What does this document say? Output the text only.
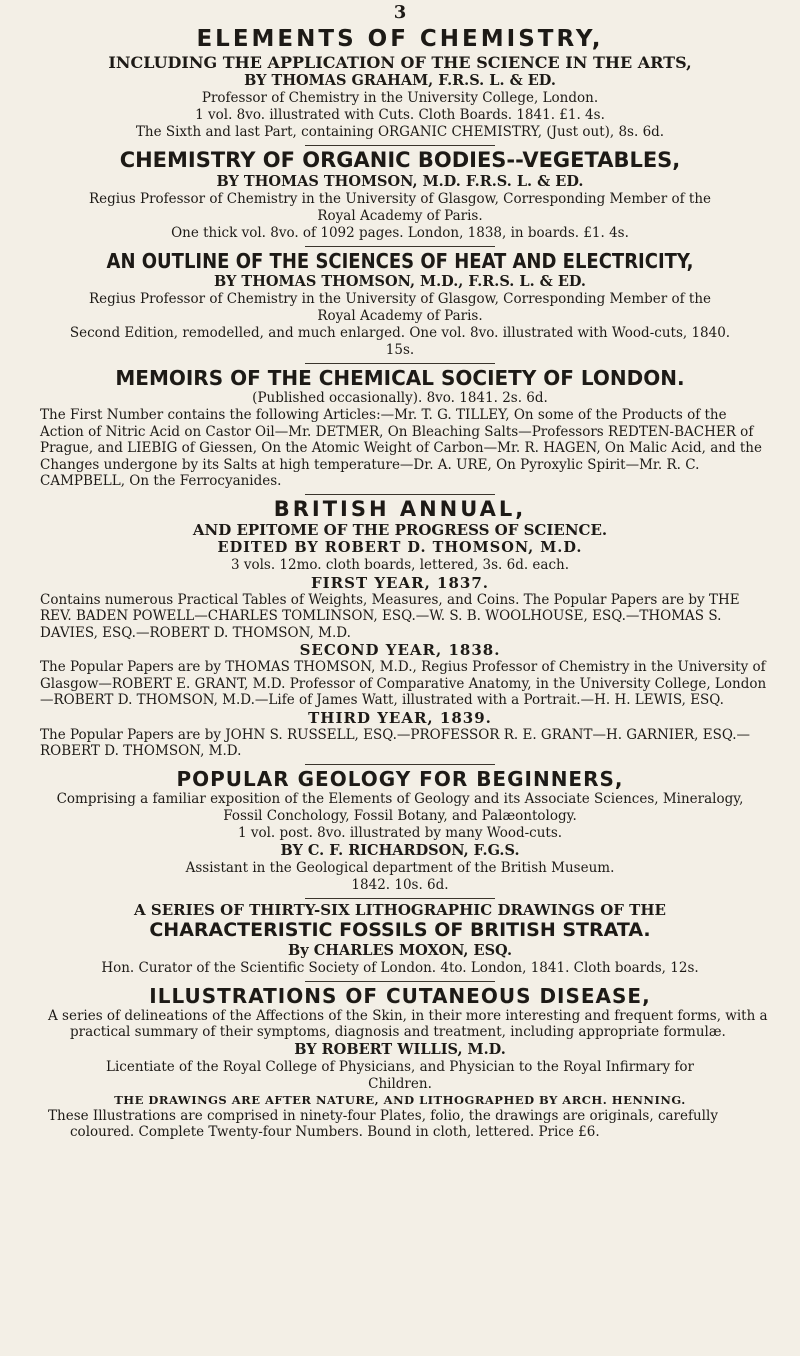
3

ELEMENTS OF CHEMISTRY,

INCLUDING THE APPLICATION OF THE SCIENCE IN THE ARTS,

BY THOMAS GRAHAM, F.R.S. L. & ED.

Professor of Chemistry in the University College, London.

1 vol. 8vo. illustrated with Cuts. Cloth Boards. 1841. £1. 4s.

The Sixth and last Part, containing ORGANIC CHEMISTRY, (Just out), 8s. 6d.

CHEMISTRY OF ORGANIC BODIES--VEGETABLES,

BY THOMAS THOMSON, M.D. F.R.S. L. & ED.

Regius Professor of Chemistry in the University of Glasgow, Corresponding Member of the Royal Academy of Paris.

One thick vol. 8vo. of 1092 pages. London, 1838, in boards. £1. 4s.

AN OUTLINE OF THE SCIENCES OF HEAT AND ELECTRICITY,

BY THOMAS THOMSON, M.D., F.R.S. L. & ED.

Regius Professor of Chemistry in the University of Glasgow, Corresponding Member of the Royal Academy of Paris.

Second Edition, remodelled, and much enlarged. One vol. 8vo. illustrated with Wood-cuts, 1840. 15s.

MEMOIRS OF THE CHEMICAL SOCIETY OF LONDON.

(Published occasionally). 8vo. 1841. 2s. 6d.

The First Number contains the following Articles:—Mr. T. G. TILLEY, On some of the Products of the Action of Nitric Acid on Castor Oil—Mr. DETMER, On Bleaching Salts—Professors REDTEN-BACHER of Prague, and LIEBIG of Giessen, On the Atomic Weight of Carbon—Mr. R. HAGEN, On Malic Acid, and the Changes undergone by its Salts at high temperature—Dr. A. URE, On Pyroxylic Spirit—Mr. R. C. CAMPBELL, On the Ferrocyanides.

BRITISH ANNUAL,

AND EPITOME OF THE PROGRESS OF SCIENCE.

EDITED BY ROBERT D. THOMSON, M.D.

3 vols. 12mo. cloth boards, lettered, 3s. 6d. each.

FIRST YEAR, 1837.

Contains numerous Practical Tables of Weights, Measures, and Coins. The Popular Papers are by THE REV. BADEN POWELL—CHARLES TOMLINSON, ESQ.—W. S. B. WOOLHOUSE, ESQ.—THOMAS S. DAVIES, ESQ.—ROBERT D. THOMSON, M.D.

SECOND YEAR, 1838.

The Popular Papers are by THOMAS THOMSON, M.D., Regius Professor of Chemistry in the University of Glasgow—ROBERT E. GRANT, M.D. Professor of Comparative Anatomy, in the University College, London—ROBERT D. THOMSON, M.D.—Life of James Watt, illustrated with a Portrait.—H. H. LEWIS, ESQ.

THIRD YEAR, 1839.

The Popular Papers are by JOHN S. RUSSELL, ESQ.—PROFESSOR R. E. GRANT—H. GARNIER, ESQ.—ROBERT D. THOMSON, M.D.

POPULAR GEOLOGY FOR BEGINNERS,

Comprising a familiar exposition of the Elements of Geology and its Associate Sciences, Mineralogy, Fossil Conchology, Fossil Botany, and Palæontology.

1 vol. post. 8vo. illustrated by many Wood-cuts.

BY C. F. RICHARDSON, F.G.S.

Assistant in the Geological department of the British Museum.

1842. 10s. 6d.

A SERIES OF THIRTY-SIX LITHOGRAPHIC DRAWINGS OF THE

CHARACTERISTIC FOSSILS OF BRITISH STRATA.

By CHARLES MOXON, ESQ.

Hon. Curator of the Scientific Society of London. 4to. London, 1841. Cloth boards, 12s.

ILLUSTRATIONS OF CUTANEOUS DISEASE,

A series of delineations of the Affections of the Skin, in their more interesting and frequent forms, with a practical summary of their symptoms, diagnosis and treatment, including appropriate formulæ.

BY ROBERT WILLIS, M.D.

Licentiate of the Royal College of Physicians, and Physician to the Royal Infirmary for Children.

THE DRAWINGS ARE AFTER NATURE, AND LITHOGRAPHED BY ARCH. HENNING.

These Illustrations are comprised in ninety-four Plates, folio, the drawings are originals, carefully coloured. Complete Twenty-four Numbers. Bound in cloth, lettered. Price £6.
